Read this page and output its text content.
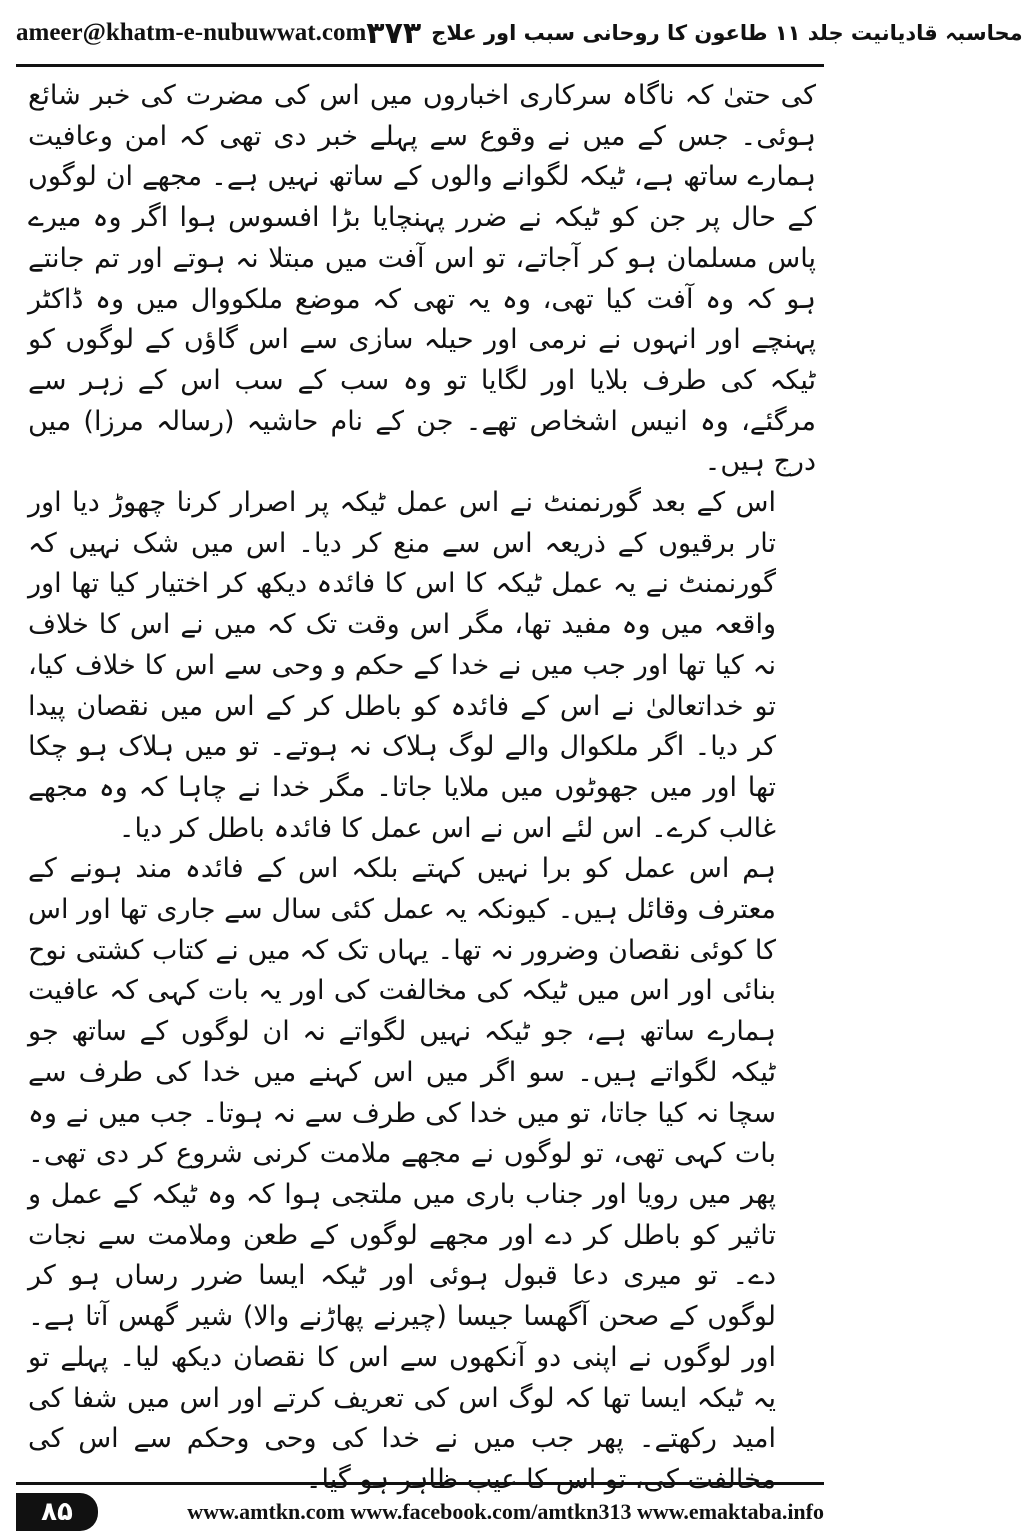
ameer@khatm-e-nubuwwat.com	محاسبہ قادیانیت جلد ۱۱ طاعون کا روحانی سبب اور علاج
۳۷۳

کی حتیٰ کہ ناگاہ سرکاری اخباروں میں اس کی مضرت کی خبر شائع ہوئی۔ جس کے میں نے وقوع سے پہلے خبر دی تھی کہ امن وعافیت ہمارے ساتھ ہے، ٹیکہ لگوانے والوں کے ساتھ نہیں ہے۔ مجھے ان لوگوں کے حال پر جن کو ٹیکہ نے ضرر پہنچایا بڑا افسوس ہوا اگر وہ میرے پاس مسلمان ہو کر آجاتے، تو اس آفت میں مبتلا نہ ہوتے اور تم جانتے ہو کہ وہ آفت کیا تھی، وہ یہ تھی کہ موضع ملکووال میں وہ ڈاکٹر پہنچے اور انہوں نے نرمی اور حیلہ سازی سے اس گاؤں کے لوگوں کو ٹیکہ کی طرف بلایا اور لگایا تو وہ سب کے سب اس کے زہر سے مرگئے، وہ انیس اشخاص تھے۔ جن کے نام حاشیہ (رسالہ مرزا) میں درج ہیں۔

اس کے بعد گورنمنٹ نے اس عمل ٹیکہ پر اصرار کرنا چھوڑ دیا اور تار برقیوں کے ذریعہ اس سے منع کر دیا۔ اس میں شک نہیں کہ گورنمنٹ نے یہ عمل ٹیکہ کا اس کا فائدہ دیکھ کر اختیار کیا تھا اور واقعہ میں وہ مفید تھا، مگر اس وقت تک کہ میں نے اس کا خلاف نہ کیا تھا اور جب میں نے خدا کے حکم و وحی سے اس کا خلاف کیا، تو خداتعالیٰ نے اس کے فائدہ کو باطل کر کے اس میں نقصان پیدا کر دیا۔ اگر ملکوال والے لوگ ہلاک نہ ہوتے۔ تو میں ہلاک ہو چکا تھا اور میں جھوٹوں میں ملایا جاتا۔ مگر خدا نے چاہا کہ وہ مجھے غالب کرے۔ اس لئے اس نے اس عمل کا فائدہ باطل کر دیا۔

ہم اس عمل کو برا نہیں کہتے بلکہ اس کے فائدہ مند ہونے کے معترف وقائل ہیں۔ کیونکہ یہ عمل کئی سال سے جاری تھا اور اس کا کوئی نقصان وضرور نہ تھا۔ یہاں تک کہ میں نے کتاب کشتی نوح بنائی اور اس میں ٹیکہ کی مخالفت کی اور یہ بات کہی کہ عافیت ہمارے ساتھ ہے، جو ٹیکہ نہیں لگواتے نہ ان لوگوں کے ساتھ جو ٹیکہ لگواتے ہیں۔ سو اگر میں اس کہنے میں خدا کی طرف سے سچا نہ کیا جاتا، تو میں خدا کی طرف سے نہ ہوتا۔ جب میں نے وہ بات کہی تھی، تو لوگوں نے مجھے ملامت کرنی شروع کر دی تھی۔ پھر میں رویا اور جناب باری میں ملتجی ہوا کہ وہ ٹیکہ کے عمل و تاثیر کو باطل کر دے اور مجھے لوگوں کے طعن وملامت سے نجات دے۔ تو میری دعا قبول ہوئی اور ٹیکہ ایسا ضرر رساں ہو کر لوگوں کے صحن آگھسا جیسا (چیرنے پھاڑنے والا) شیر گھس آتا ہے۔ اور لوگوں نے اپنی دو آنکھوں سے اس کا نقصان دیکھ لیا۔ پہلے تو یہ ٹیکہ ایسا تھا کہ لوگ اس کی تعریف کرتے اور اس میں شفا کی امید رکھتے۔ پھر جب میں نے خدا کی وحی وحکم سے اس کی مخالفت کی، تو اس کا عیب ظاہر ہو گیا۔

۸۵	www.amtkn.com www.facebook.com/amtkn313 www.emaktaba.info
